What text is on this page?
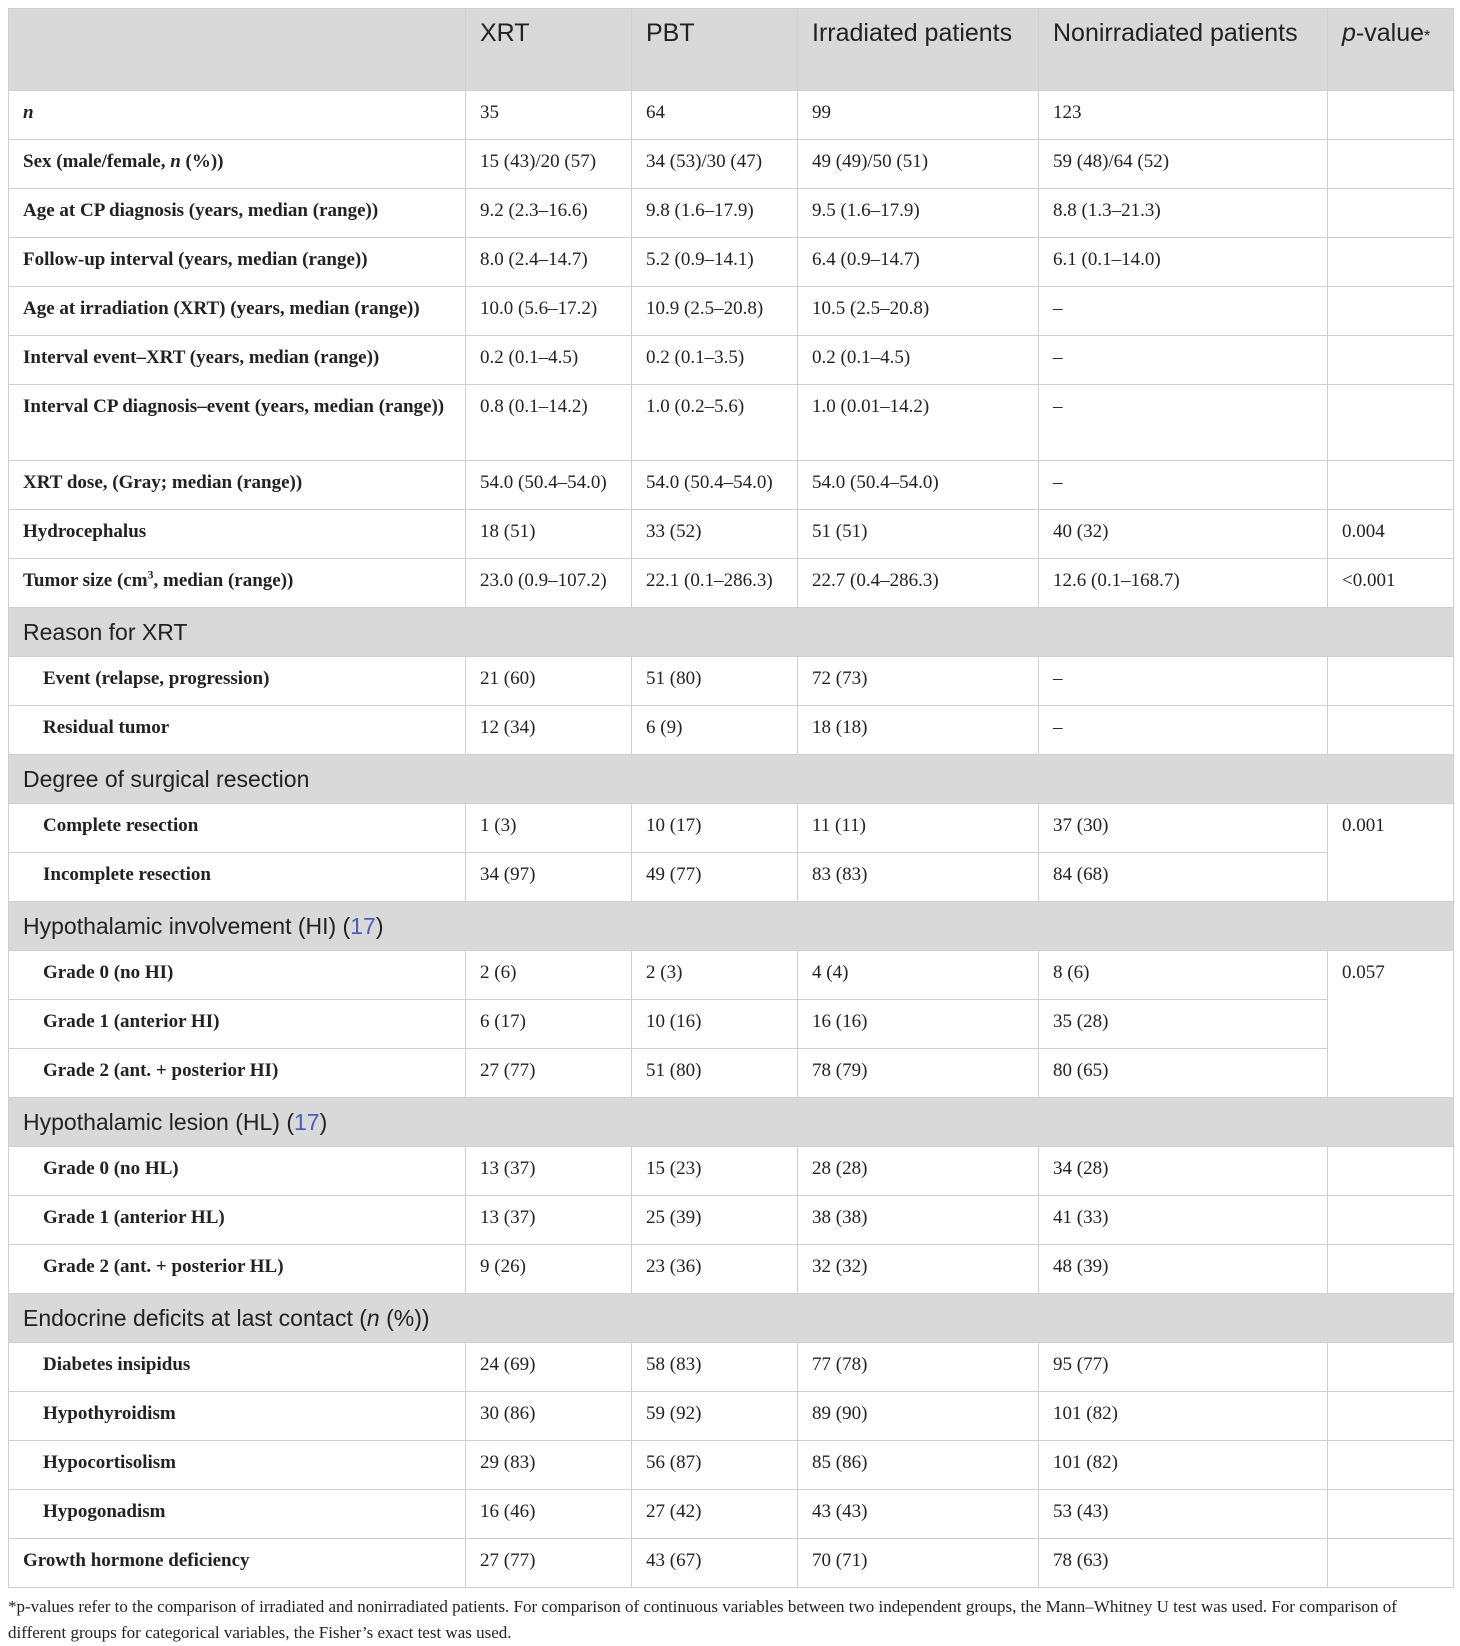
	XRT	PBT	Irradiated patients	Nonirradiated patients	p-value*
n	35	64	99	123	
Sex (male/female, n (%))	15 (43)/20 (57)	34 (53)/30 (47)	49 (49)/50 (51)	59 (48)/64 (52)	
Age at CP diagnosis (years, median (range))	9.2 (2.3–16.6)	9.8 (1.6–17.9)	9.5 (1.6–17.9)	8.8 (1.3–21.3)	
Follow-up interval (years, median (range))	8.0 (2.4–14.7)	5.2 (0.9–14.1)	6.4 (0.9–14.7)	6.1 (0.1–14.0)	
Age at irradiation (XRT) (years, median (range))	10.0 (5.6–17.2)	10.9 (2.5–20.8)	10.5 (2.5–20.8)	–	
Interval event–XRT (years, median (range))	0.2 (0.1–4.5)	0.2 (0.1–3.5)	0.2 (0.1–4.5)	–	
Interval CP diagnosis–event (years, median (range))	0.8 (0.1–14.2)	1.0 (0.2–5.6)	1.0 (0.01–14.2)	–	
XRT dose, (Gray; median (range))	54.0 (50.4–54.0)	54.0 (50.4–54.0)	54.0 (50.4–54.0)	–	
Hydrocephalus	18 (51)	33 (52)	51 (51)	40 (32)	0.004
Tumor size ($cm^3$, median (range))	23.0 (0.9–107.2)	22.1 (0.1–286.3)	22.7 (0.4–286.3)	12.6 (0.1–168.7)	<0.001
Reason for XRT					
Event (relapse, progression)	21 (60)	51 (80)	72 (73)	–	
Residual tumor	12 (34)	6 (9)	18 (18)	–	
Degree of surgical resection					
Complete resection	1 (3)	10 (17)	11 (11)	37 (30)	0.001
Incomplete resection	34 (97)	49 (77)	83 (83)	84 (68)	
Hypothalamic involvement (HI) (17)					
Grade 0 (no HI)	2 (6)	2 (3)	4 (4)	8 (6)	0.057
Grade 1 (anterior HI)	6 (17)	10 (16)	16 (16)	35 (28)	
Grade 2 (ant. + posterior HI)	27 (77)	51 (80)	78 (79)	80 (65)	
Hypothalamic lesion (HL) (17)					
Grade 0 (no HL)	13 (37)	15 (23)	28 (28)	34 (28)	
Grade 1 (anterior HL)	13 (37)	25 (39)	38 (38)	41 (33)	
Grade 2 (ant. + posterior HL)	9 (26)	23 (36)	32 (32)	48 (39)	
Endocrine deficits at last contact (n (%))					
Diabetes insipidus	24 (69)	58 (83)	77 (78)	95 (77)	
Hypothyroidism	30 (86)	59 (92)	89 (90)	101 (82)	
Hypocortisolism	29 (83)	56 (87)	85 (86)	101 (82)	
Hypogonadism	16 (46)	27 (42)	43 (43)	53 (43)	
Growth hormone deficiency	27 (77)	43 (67)	70 (71)	78 (63)	
*p-values refer to the comparison of irradiated and nonirradiated patients. For comparison of continuous variables between two independent groups, the Mann–Whitney U test was used. For comparison of different groups for categorical variables, the Fisher’s exact test was used.
